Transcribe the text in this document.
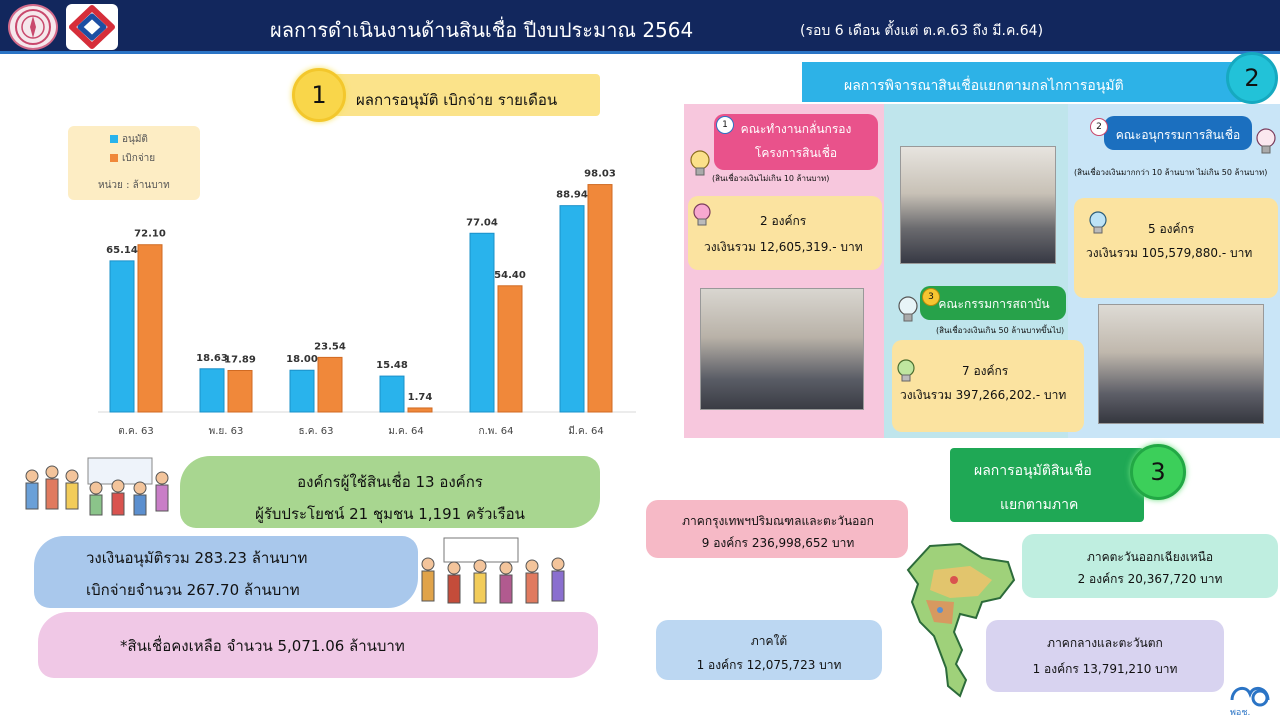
ผลการดำเนินงานด้านสินเชื่อ ปีงบประมาณ 2564	(รอบ 6 เดือน ตั้งแต่ ต.ค.63 ถึง มี.ค.64)
1	ผลการอนุมัติ เบิกจ่าย รายเดือน
อนุมัติ
เบิกจ่าย
หน่วย : ล้านบาท
65.14
72.10
ต.ค. 63
18.63
17.89
พ.ย. 63
18.00
23.54
ธ.ค. 63
15.48
1.74
ม.ค. 64
77.04
54.40
ก.พ. 64
88.94
98.03
มี.ค. 64
องค์กรผู้ใช้สินเชื่อ 13 องค์กร
ผู้รับประโยชน์ 21 ชุมชน 1,191 ครัวเรือน
วงเงินอนุมัติรวม 283.23 ล้านบาท
เบิกจ่ายจำนวน 267.70 ล้านบาท
*สินเชื่อคงเหลือ จำนวน 5,071.06 ล้านบาท
ผลการพิจารณาสินเชื่อแยกตามกลไกการอนุมัติ	2
1	คณะทำงานกลั่นกรอง
โครงการสินเชื่อ
(สินเชื่อวงเงินไม่เกิน 10 ล้านบาท)
2 องค์กร
วงเงินรวม 12,605,319.- บาท
3 คณะกรรมการสถาบัน
(สินเชื่อวงเงินเกิน 50 ล้านบาทขึ้นไป)
7 องค์กร
วงเงินรวม 397,266,202.- บาท
2
คณะอนุกรรมการสินเชื่อ
(สินเชื่อวงเงินมากกว่า 10 ล้านบาท ไม่เกิน 50 ล้านบาท)
5 องค์กร
วงเงินรวม 105,579,880.- บาท
ผลการอนุมัติสินเชื่อ
แยกตามภาค
3
ภาคกรุงเทพฯปริมณฑลและตะวันออก
9 องค์กร 236,998,652 บาท
ภาคตะวันออกเฉียงเหนือ
2 องค์กร 20,367,720 บาท
ภาคใต้
1 องค์กร 12,075,723 บาท
ภาคกลางและตะวันตก
1 องค์กร 13,791,210 บาท
พอช.
